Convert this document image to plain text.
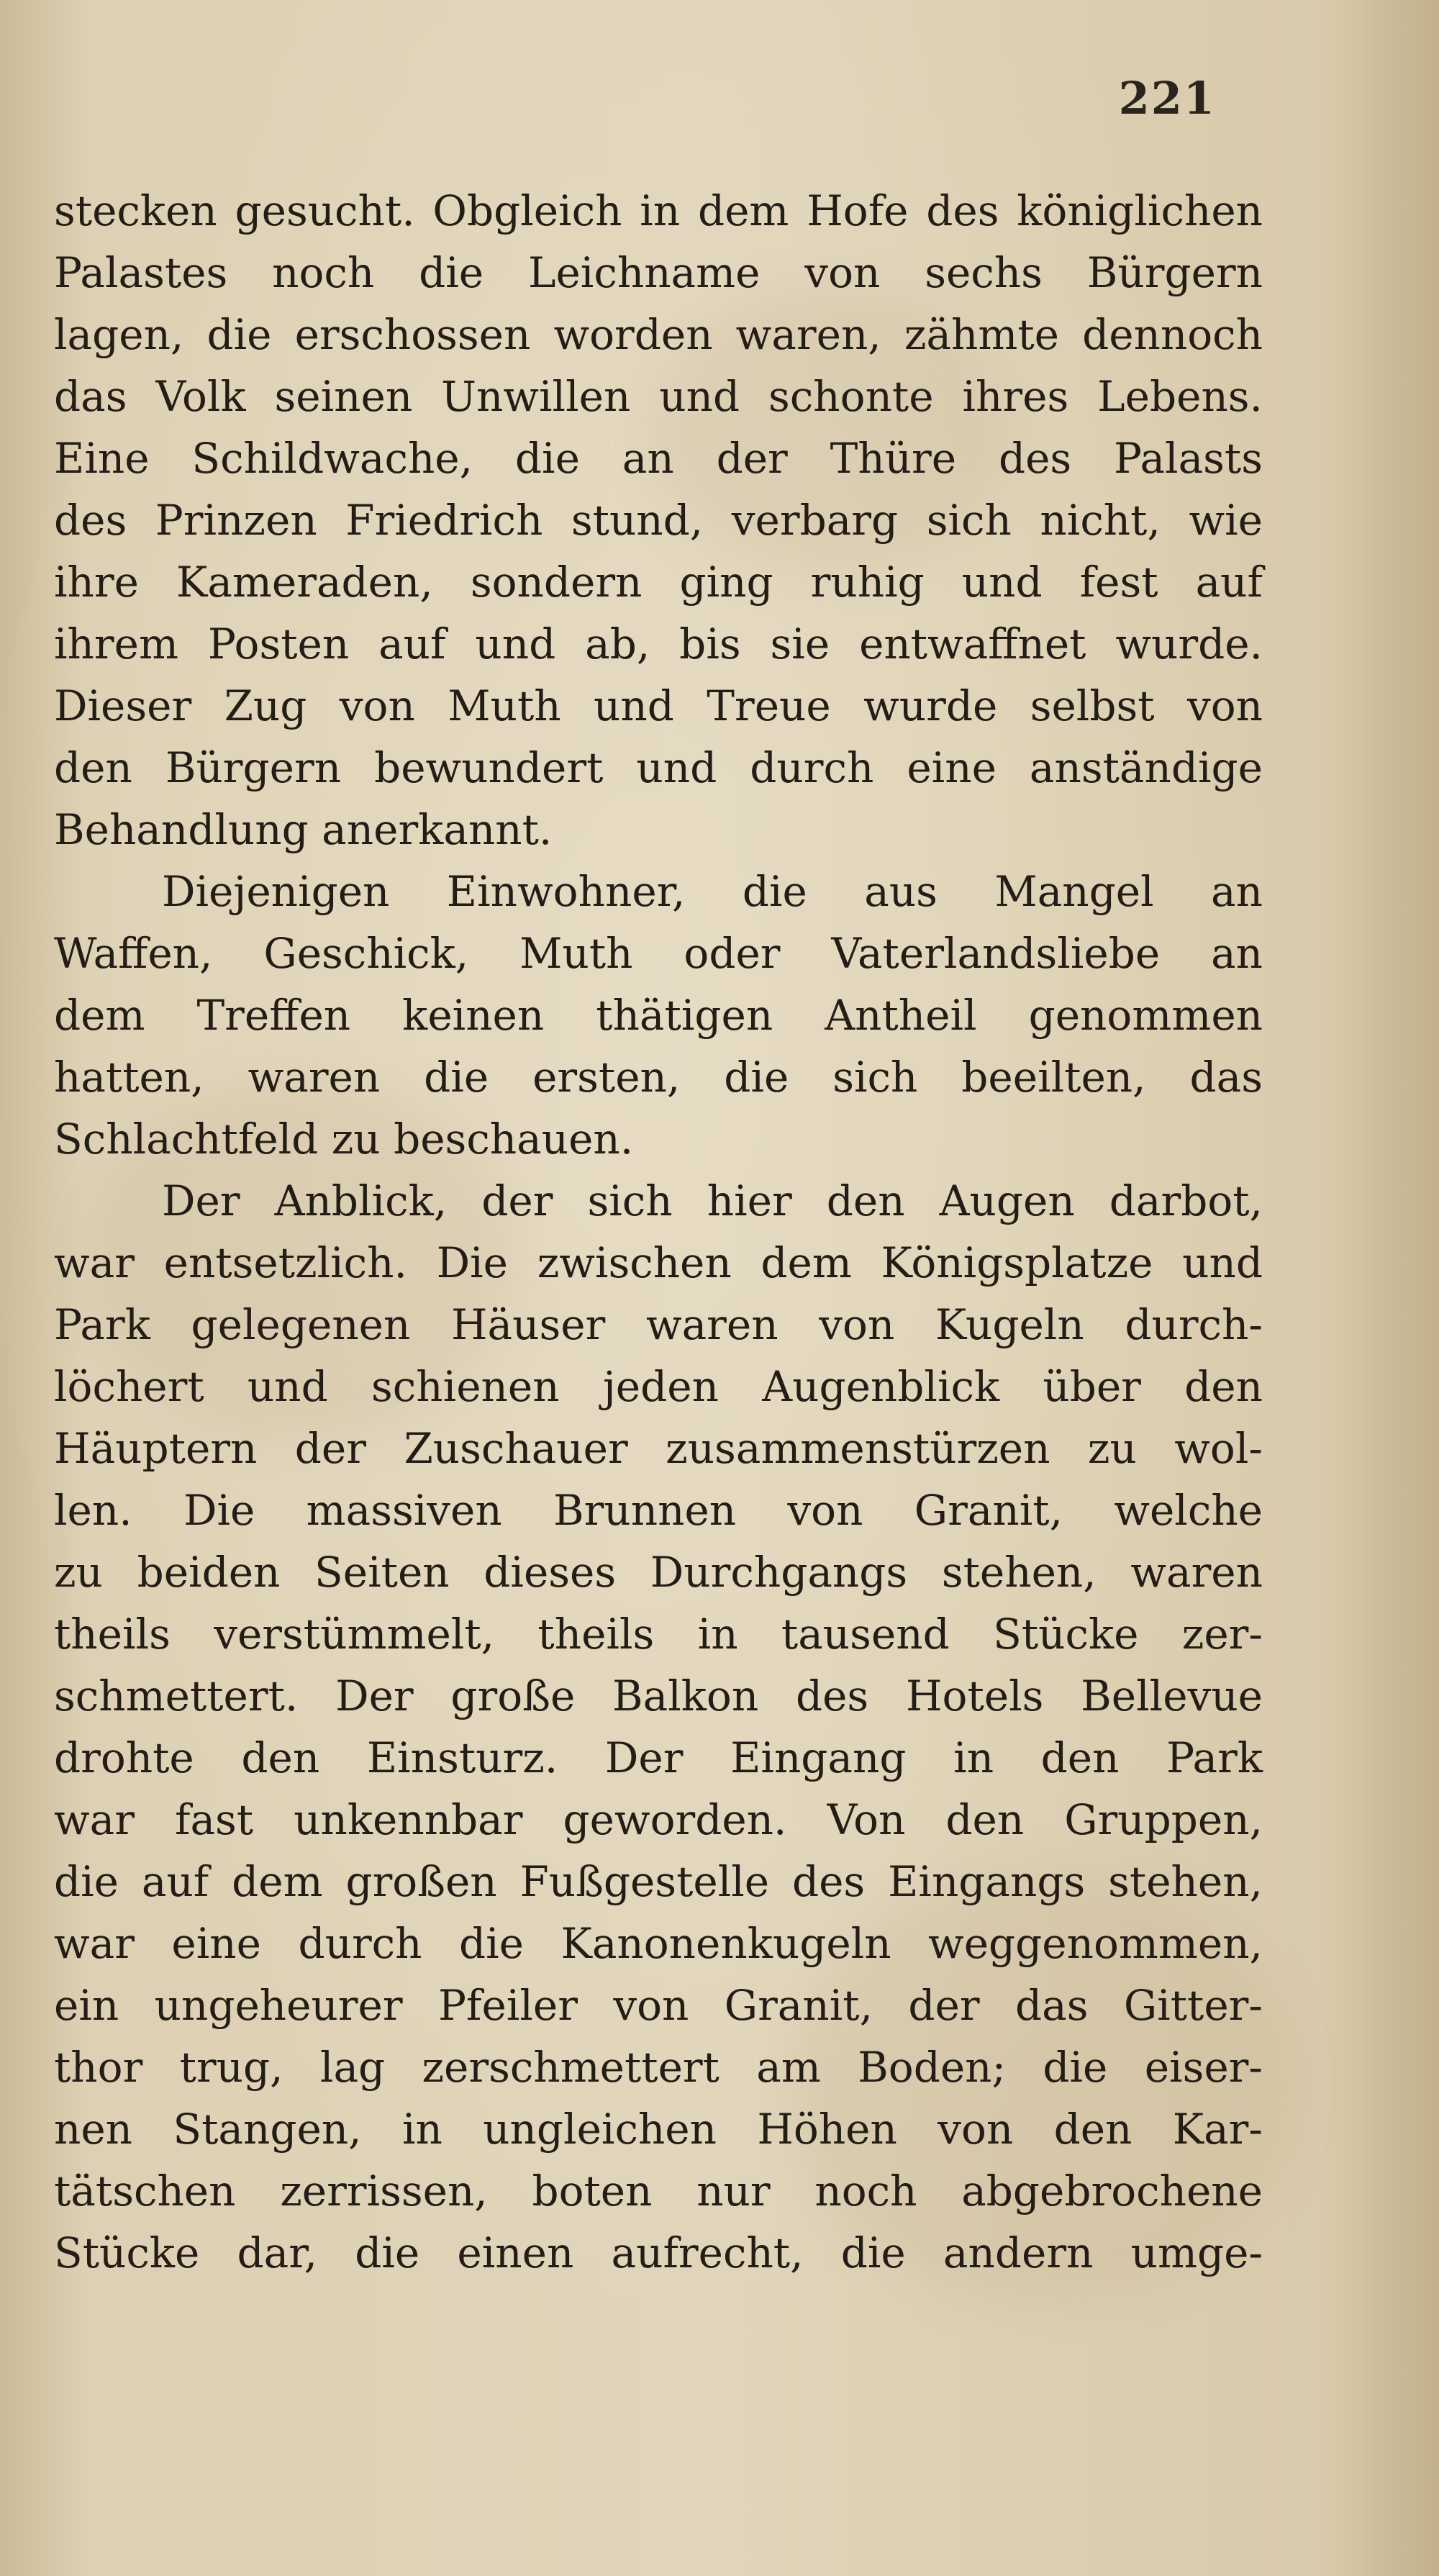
221
stecken gesucht. Obgleich in dem Hofe des königlichen
Palastes noch die Leichname von sechs Bürgern
lagen, die erschossen worden waren, zähmte dennoch
das Volk seinen Unwillen und schonte ihres Lebens.
Eine Schildwache, die an der Thüre des Palasts
des Prinzen Friedrich stund, verbarg sich nicht, wie
ihre Kameraden, sondern ging ruhig und fest auf
ihrem Posten auf und ab, bis sie entwaffnet wurde.
Dieser Zug von Muth und Treue wurde selbst von
den Bürgern bewundert und durch eine anständige
Behandlung anerkannt.
Diejenigen Einwohner, die aus Mangel an
Waffen, Geschick, Muth oder Vaterlandsliebe an
dem Treffen keinen thätigen Antheil genommen
hatten, waren die ersten, die sich beeilten, das
Schlachtfeld zu beschauen.
Der Anblick, der sich hier den Augen darbot,
war entsetzlich. Die zwischen dem Königsplatze und
Park gelegenen Häuser waren von Kugeln durch-
löchert und schienen jeden Augenblick über den
Häuptern der Zuschauer zusammenstürzen zu wol-
len. Die massiven Brunnen von Granit, welche
zu beiden Seiten dieses Durchgangs stehen, waren
theils verstümmelt, theils in tausend Stücke zer-
schmettert. Der große Balkon des Hotels Bellevue
drohte den Einsturz. Der Eingang in den Park
war fast unkennbar geworden. Von den Gruppen,
die auf dem großen Fußgestelle des Eingangs stehen,
war eine durch die Kanonenkugeln weggenommen,
ein ungeheurer Pfeiler von Granit, der das Gitter-
thor trug, lag zerschmettert am Boden; die eiser-
nen Stangen, in ungleichen Höhen von den Kar-
tätschen zerrissen, boten nur noch abgebrochene
Stücke dar, die einen aufrecht, die andern umge-
